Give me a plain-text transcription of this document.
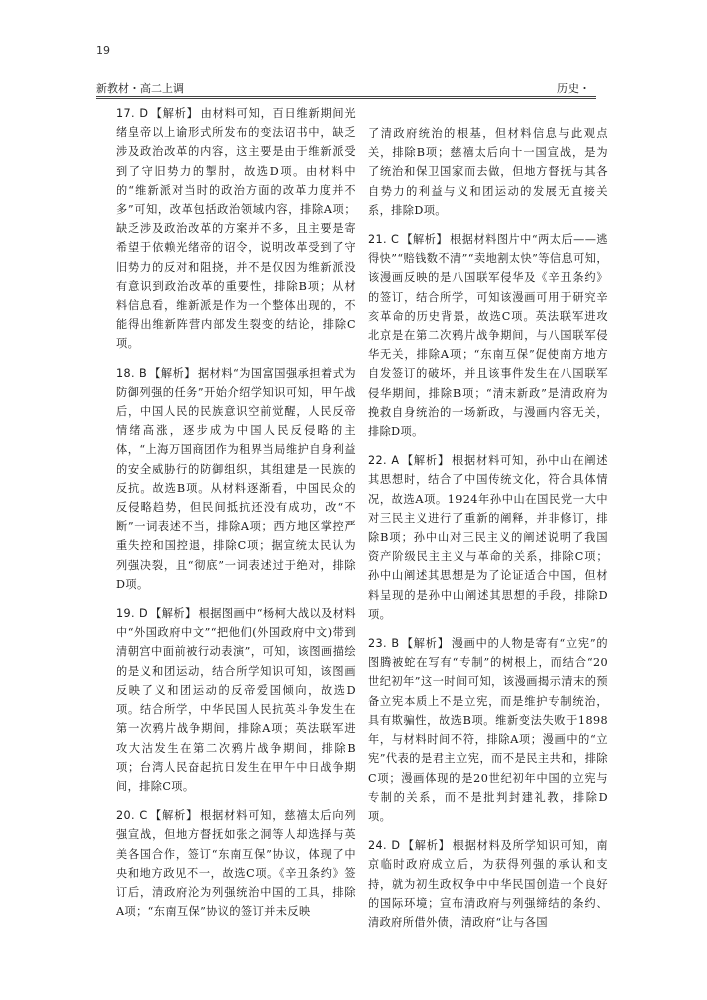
19
新教材・高二上调	历史・

17. D 【解析】 由材料可知，百日维新期间光绪皇帝以上谕形式所发布的变法诏书中，缺乏涉及政治改革的内容，这主要是由于维新派受到了守旧势力的掣肘，故选D项。由材料中的“维新派对当时的政治方面的改革力度并不多”可知，改革包括政治领域内容，排除A项；缺乏涉及政治改革的方案并不多，且主要是寄希望于依赖光绪帝的诏令，说明改革受到了守旧势力的反对和阻挠，并不是仅因为维新派没有意识到政治改革的重要性，排除B项；从材料信息看，维新派是作为一个整体出现的，不能得出维新阵营内部发生裂变的结论，排除C项。

18. B 【解析】 据材料“为国富国强承担着式为防御列强的任务”开始介绍学知识可知，甲午战后，中国人民的民族意识空前觉醒，人民反帝情绪高涨，逐步成为中国人民反侵略的主体，“上海万国商团作为租界当局维护自身利益的安全威胁行的防御组织，其组建是一民族的反抗。故选B项。从材料逐渐看，中国民众的反侵略趋势，但民间抵抗还没有成功，改“不断”一词表述不当，排除A项；西方地区掌控严重失控和国控退，排除C项；据宣统太民认为列强决裂，且“彻底”一词表述过于绝对，排除D项。

19. D 【解析】 根据图画中“杨柯大战以及材料中“外国政府中文”“把他们(外国政府中文)带到清朝宫中面前被行动表演”，可知，该图画描绘的是义和团运动，结合所学知识可知，该图画反映了义和团运动的反帝爱国倾向，故选D项。结合所学，中华民国人民抗英斗争发生在第一次鸦片战争期间，排除A项；英法联军进攻大沽发生在第二次鸦片战争期间，排除B项；台湾人民奋起抗日发生在甲午中日战争期间，排除C项。

20. C 【解析】 根据材料可知，慈禧太后向列强宣战，但地方督抚如张之洞等人却选择与英美各国合作，签订“东南互保”协议，体现了中央和地方政见不一，故选C项。《辛丑条约》签订后，清政府沦为列强统治中国的工具，排除A项；“东南互保”协议的签订并未反映

了清政府统治的根基，但材料信息与此观点关，排除B项；慈禧太后向十一国宣战，是为了统治和保卫国家而去做，但地方督抚与其各自势力的利益与义和团运动的发展无直接关系，排除D项。

21. C 【解析】 根据材料图片中“两太后——逃得快”“赔钱数不清”“卖地割太快”等信息可知，该漫画反映的是八国联军侵华及《辛丑条约》的签订，结合所学，可知该漫画可用于研究辛亥革命的历史背景，故选C项。英法联军进攻北京是在第二次鸦片战争期间，与八国联军侵华无关，排除A项；“东南互保”促使南方地方自发签订的破坏，并且该事件发生在八国联军侵华期间，排除B项；“清末新政”是清政府为挽救自身统治的一场新政，与漫画内容无关，排除D项。

22. A 【解析】 根据材料可知，孙中山在阐述其思想时，结合了中国传统文化，符合具体情况，故选A项。1924年孙中山在国民党一大中对三民主义进行了重新的阐释，并非修订，排除B项；孙中山对三民主义的阐述说明了我国资产阶级民主主义与革命的关系，排除C项；孙中山阐述其思想是为了论证适合中国，但材料呈现的是孙中山阐述其思想的手段，排除D项。

23. B 【解析】 漫画中的人物是寄有“立宪”的图腾被蛇在写有“专制”的树根上，而结合“20世纪初年”这一时间可知，该漫画揭示清末的预备立宪本质上不是立宪，而是维护专制统治，具有欺骗性，故选B项。维新变法失败于1898年，与材料时间不符，排除A项；漫画中的“立宪”代表的是君主立宪，而不是民主共和，排除C项；漫画体现的是20世纪初年中国的立宪与专制的关系，而不是批判封建礼教，排除D项。

24. D 【解析】 根据材料及所学知识可知，南京临时政府成立后，为获得列强的承认和支持，就为初生政权争中中华民国创造一个良好的国际环境；宣布清政府与列强缔结的条约、清政府所借外债，清政府“让与各国
